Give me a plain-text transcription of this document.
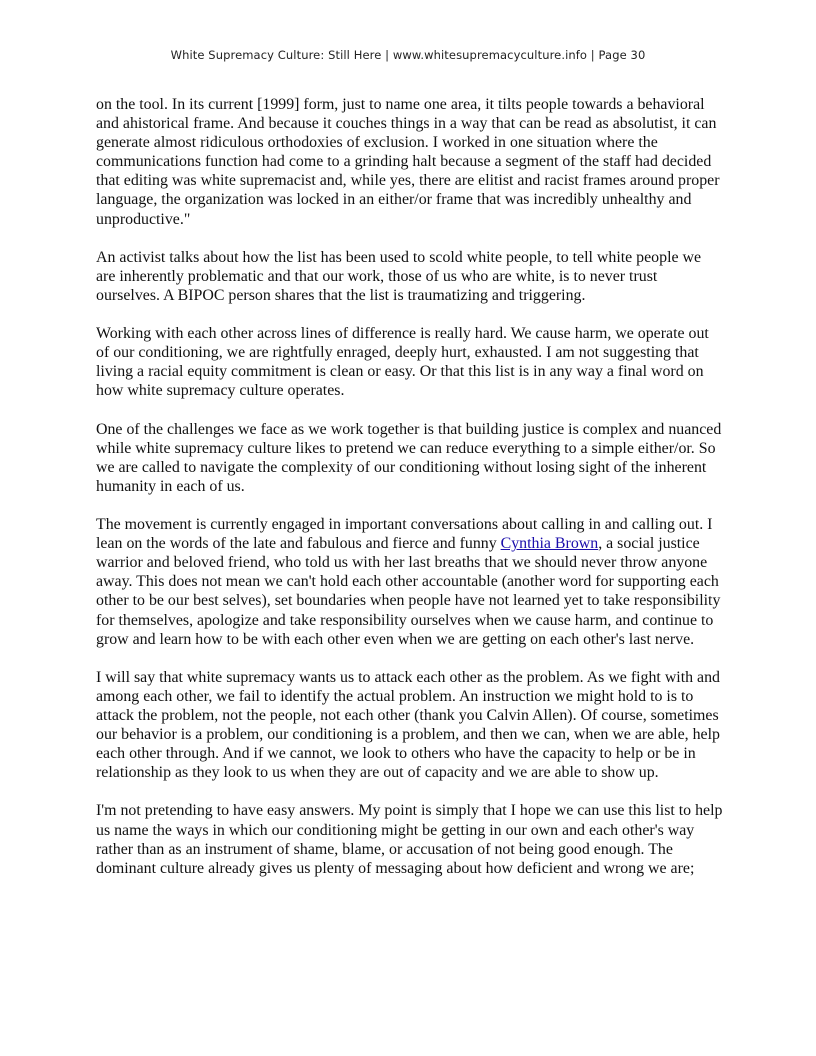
White Supremacy Culture: Still Here | www.whitesupremacyculture.info | Page 30

on the tool. In its current [1999] form, just to name one area, it tilts people towards a behavioral and ahistorical frame. And because it couches things in a way that can be read as absolutist, it can generate almost ridiculous orthodoxies of exclusion. I worked in one situation where the communications function had come to a grinding halt because a segment of the staff had decided that editing was white supremacist and, while yes, there are elitist and racist frames around proper language, the organization was locked in an either/or frame that was incredibly unhealthy and unproductive."

An activist talks about how the list has been used to scold white people, to tell white people we are inherently problematic and that our work, those of us who are white, is to never trust ourselves. A BIPOC person shares that the list is traumatizing and triggering.

Working with each other across lines of difference is really hard. We cause harm, we operate out of our conditioning, we are rightfully enraged, deeply hurt, exhausted. I am not suggesting that living a racial equity commitment is clean or easy. Or that this list is in any way a final word on how white supremacy culture operates.

One of the challenges we face as we work together is that building justice is complex and nuanced while white supremacy culture likes to pretend we can reduce everything to a simple either/or. So we are called to navigate the complexity of our conditioning without losing sight of the inherent humanity in each of us.

The movement is currently engaged in important conversations about calling in and calling out. I lean on the words of the late and fabulous and fierce and funny Cynthia Brown, a social justice warrior and beloved friend, who told us with her last breaths that we should never throw anyone away. This does not mean we can't hold each other accountable (another word for supporting each other to be our best selves), set boundaries when people have not learned yet to take responsibility for themselves, apologize and take responsibility ourselves when we cause harm, and continue to grow and learn how to be with each other even when we are getting on each other's last nerve.

I will say that white supremacy wants us to attack each other as the problem. As we fight with and among each other, we fail to identify the actual problem. An instruction we might hold to is to attack the problem, not the people, not each other (thank you Calvin Allen). Of course, sometimes our behavior is a problem, our conditioning is a problem, and then we can, when we are able, help each other through. And if we cannot, we look to others who have the capacity to help or be in relationship as they look to us when they are out of capacity and we are able to show up.

I'm not pretending to have easy answers. My point is simply that I hope we can use this list to help us name the ways in which our conditioning might be getting in our own and each other's way rather than as an instrument of shame, blame, or accusation of not being good enough. The dominant culture already gives us plenty of messaging about how deficient and wrong we are;
